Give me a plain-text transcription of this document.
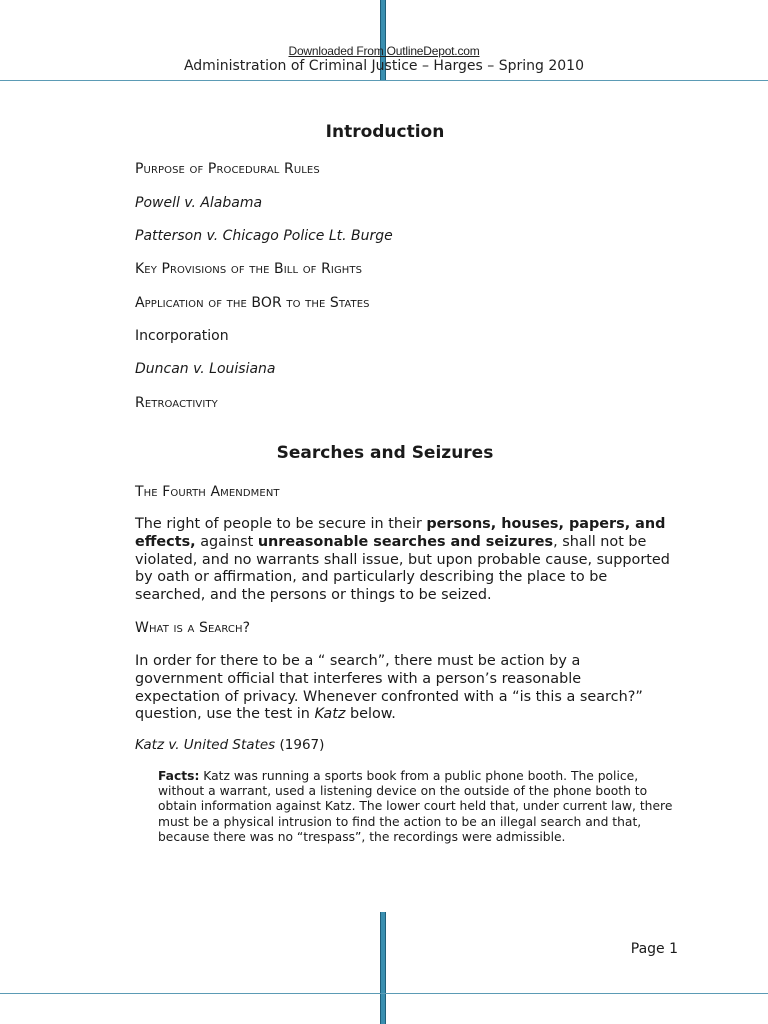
Downloaded From OutlineDepot.com
Administration of Criminal Justice – Harges – Spring 2010
Introduction
Purpose of Procedural Rules
Powell v. Alabama
Patterson v. Chicago Police Lt. Burge
Key Provisions of the Bill of Rights
Application of the BOR to the States
Incorporation
Duncan v. Louisiana
Retroactivity
Searches and Seizures
The Fourth Amendment
The right of people to be secure in their persons, houses, papers, and effects, against unreasonable searches and seizures, shall not be violated, and no warrants shall issue, but upon probable cause, supported by oath or affirmation, and particularly describing the place to be searched, and the persons or things to be seized.
What is a Search?
In order for there to be a “ search”, there must be action by a government official that interferes with a person’s reasonable expectation of privacy. Whenever confronted with a “is this a search?” question, use the test in Katz below.
Katz v. United States (1967)
Facts: Katz was running a sports book from a public phone booth. The police, without a warrant, used a listening device on the outside of the phone booth to obtain information against Katz. The lower court held that, under current law, there must be a physical intrusion to find the action to be an illegal search and that, because there was no “trespass”, the recordings were admissible.
Page 1
